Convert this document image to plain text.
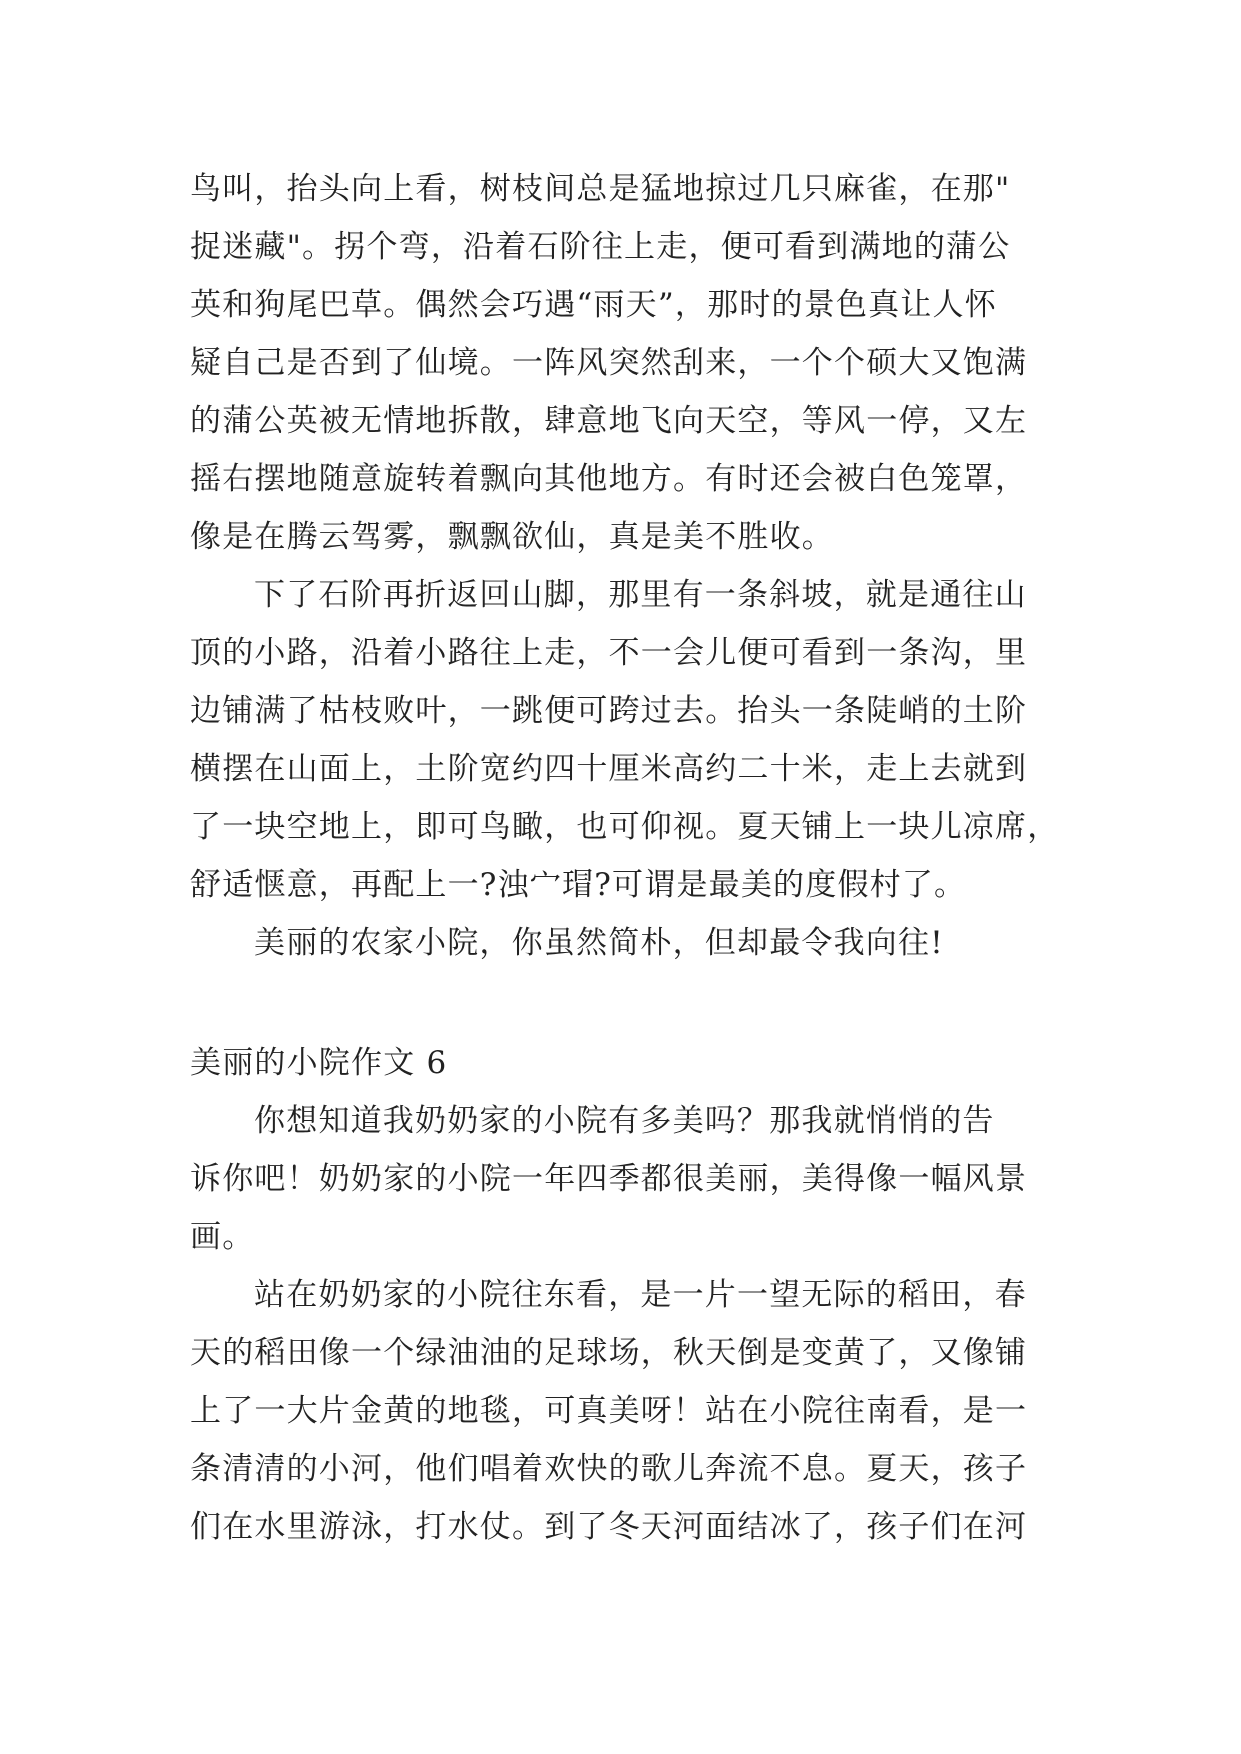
鸟叫，抬头向上看，树枝间总是猛地掠过几只麻雀，在那"
捉迷藏"。拐个弯，沿着石阶往上走，便可看到满地的蒲公
英和狗尾巴草。偶然会巧遇“雨天”，那时的景色真让人怀
疑自己是否到了仙境。一阵风突然刮来，一个个硕大又饱满
的蒲公英被无情地拆散，肆意地飞向天空，等风一停，又左
摇右摆地随意旋转着飘向其他地方。有时还会被白色笼罩，
像是在腾云驾雾，飘飘欲仙，真是美不胜收。
下了石阶再折返回山脚，那里有一条斜坡，就是通往山
顶的小路，沿着小路往上走，不一会儿便可看到一条沟，里
边铺满了枯枝败叶，一跳便可跨过去。抬头一条陡峭的土阶
横摆在山面上，土阶宽约四十厘米高约二十米，走上去就到
了一块空地上，即可鸟瞰，也可仰视。夏天铺上一块儿凉席，
舒适惬意，再配上一?浊宀瑁?可谓是最美的度假村了。
美丽的农家小院，你虽然简朴，但却最令我向往!
美丽的小院作文 6
你想知道我奶奶家的小院有多美吗？那我就悄悄的告
诉你吧！奶奶家的小院一年四季都很美丽，美得像一幅风景
画。
站在奶奶家的小院往东看，是一片一望无际的稻田，春
天的稻田像一个绿油油的足球场，秋天倒是变黄了，又像铺
上了一大片金黄的地毯，可真美呀！站在小院往南看，是一
条清清的小河，他们唱着欢快的歌儿奔流不息。夏天，孩子
们在水里游泳，打水仗。到了冬天河面结冰了，孩子们在河
